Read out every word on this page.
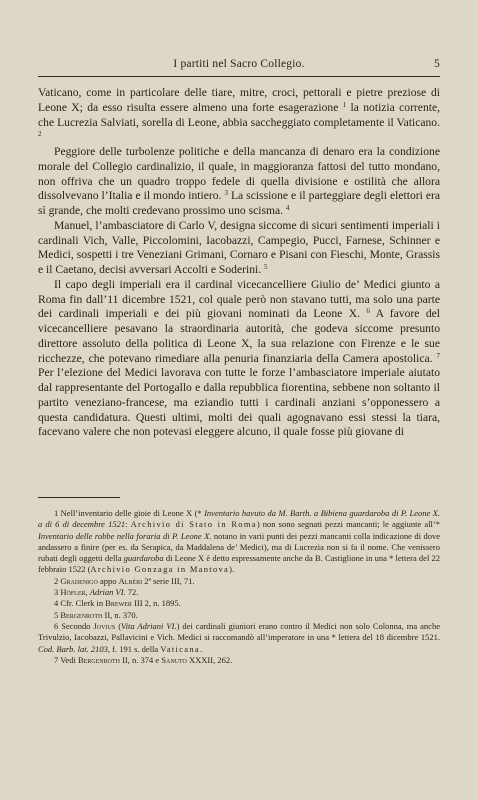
I partiti nel Sacro Collegio.	5

Vaticano, come in particolare delle tiare, mitre, croci, pettorali e pietre preziose di Leone X; da esso risulta essere almeno una forte esagerazione $^1$ la notizia corrente, che Lucrezia Salviati, sorella di Leone, abbia saccheggiato completamente il Vaticano. $^2$

Peggiore delle turbolenze politiche e della mancanza di denaro era la condizione morale del Collegio cardinalizio, il quale, in maggioranza fattosi del tutto mondano, non offriva che un quadro troppo fedele di quella divisione e ostilità che allora dissolvevano l’Italia e il mondo intiero. $^3$ La scissione e il parteggiare degli elettori era sì grande, che molti credevano prossimo uno scisma. $^4$

Manuel, l’ambasciatore di Carlo V, designa siccome di sicuri sentimenti imperiali i cardinali Vich, Valle, Piccolomini, Iacobazzi, Campegio, Pucci, Farnese, Schinner e Medici, sospetti i tre Veneziani Grimani, Cornaro e Pisani con Fieschi, Monte, Grassis e il Caetano, decisi avversari Accolti e Soderini. $^5$

Il capo degli imperiali era il cardinal vicecancelliere Giulio de’ Medici giunto a Roma fin dall’11 dicembre 1521, col quale però non stavano tutti, ma solo una parte dei cardinali imperiali e dei più giovani nominati da Leone X. $^6$ A favore del vicecancelliere pesavano la straordinaria autorità, che godeva siccome presunto direttore assoluto della politica di Leone X, la sua relazione con Firenze e le sue ricchezze, che potevano rimediare alla penuria finanziaria della Camera apostolica. $^7$ Per l’elezione del Medici lavorava con tutte le forze l’ambasciatore imperiale aiutato dal rappresentante del Portogallo e dalla repubblica fiorentina, sebbene non soltanto il partito veneziano-francese, ma eziandio tutti i cardinali anziani s’opponessero a questa candidatura. Questi ultimi, molti dei quali agognavano essi stessi la tiara, facevano valere che non potevasi eleggere alcuno, il quale fosse più giovane di

1 Nell’inventario delle gioie di Leone X (* Inventario havuto da M. Barth. a Bibiena guardaroba di P. Leone X. a di 6 di decembre 1521: Archivio di Stato in Roma) non sono segnati pezzi mancanti; le aggiunte all’* Inventario delle robbe nella foraria di P. Leone X. notano in varii punti dei pezzi mancanti colla indicazione di dove andassero a finire (per es. da Serapica, da Maddalena de’ Medici), ma di Lucrezia non si fa il nome. Che venissero rubati degli oggetti della guardaroba di Leone X è detto espressamente anche da B. Castiglione in una * lettera del 22 febbraio 1522 (Archivio Gonzaga in Mantova).

2 Gradenigo appo Albèri 2ª serie III, 71.

3 Höfler, Adrian VI. 72.

4 Cfr. Clerk in Brewer III 2, n. 1895.

5 Bergenroth II, n. 370.

6 Secondo Jovius (Vita Adriani VI.) dei cardinali giuniori erano contro il Medici non solo Colonna, ma anche Trivulzio, Iacobazzi, Pallavicini e Vich. Medici si raccomandò all’imperatore in una * lettera del 18 dicembre 1521. Cod. Barb. lat. 2103, f. 191 s. della Vaticana.

7 Vedi Bergenroth II, n. 374 e Sanuto XXXII, 262.
